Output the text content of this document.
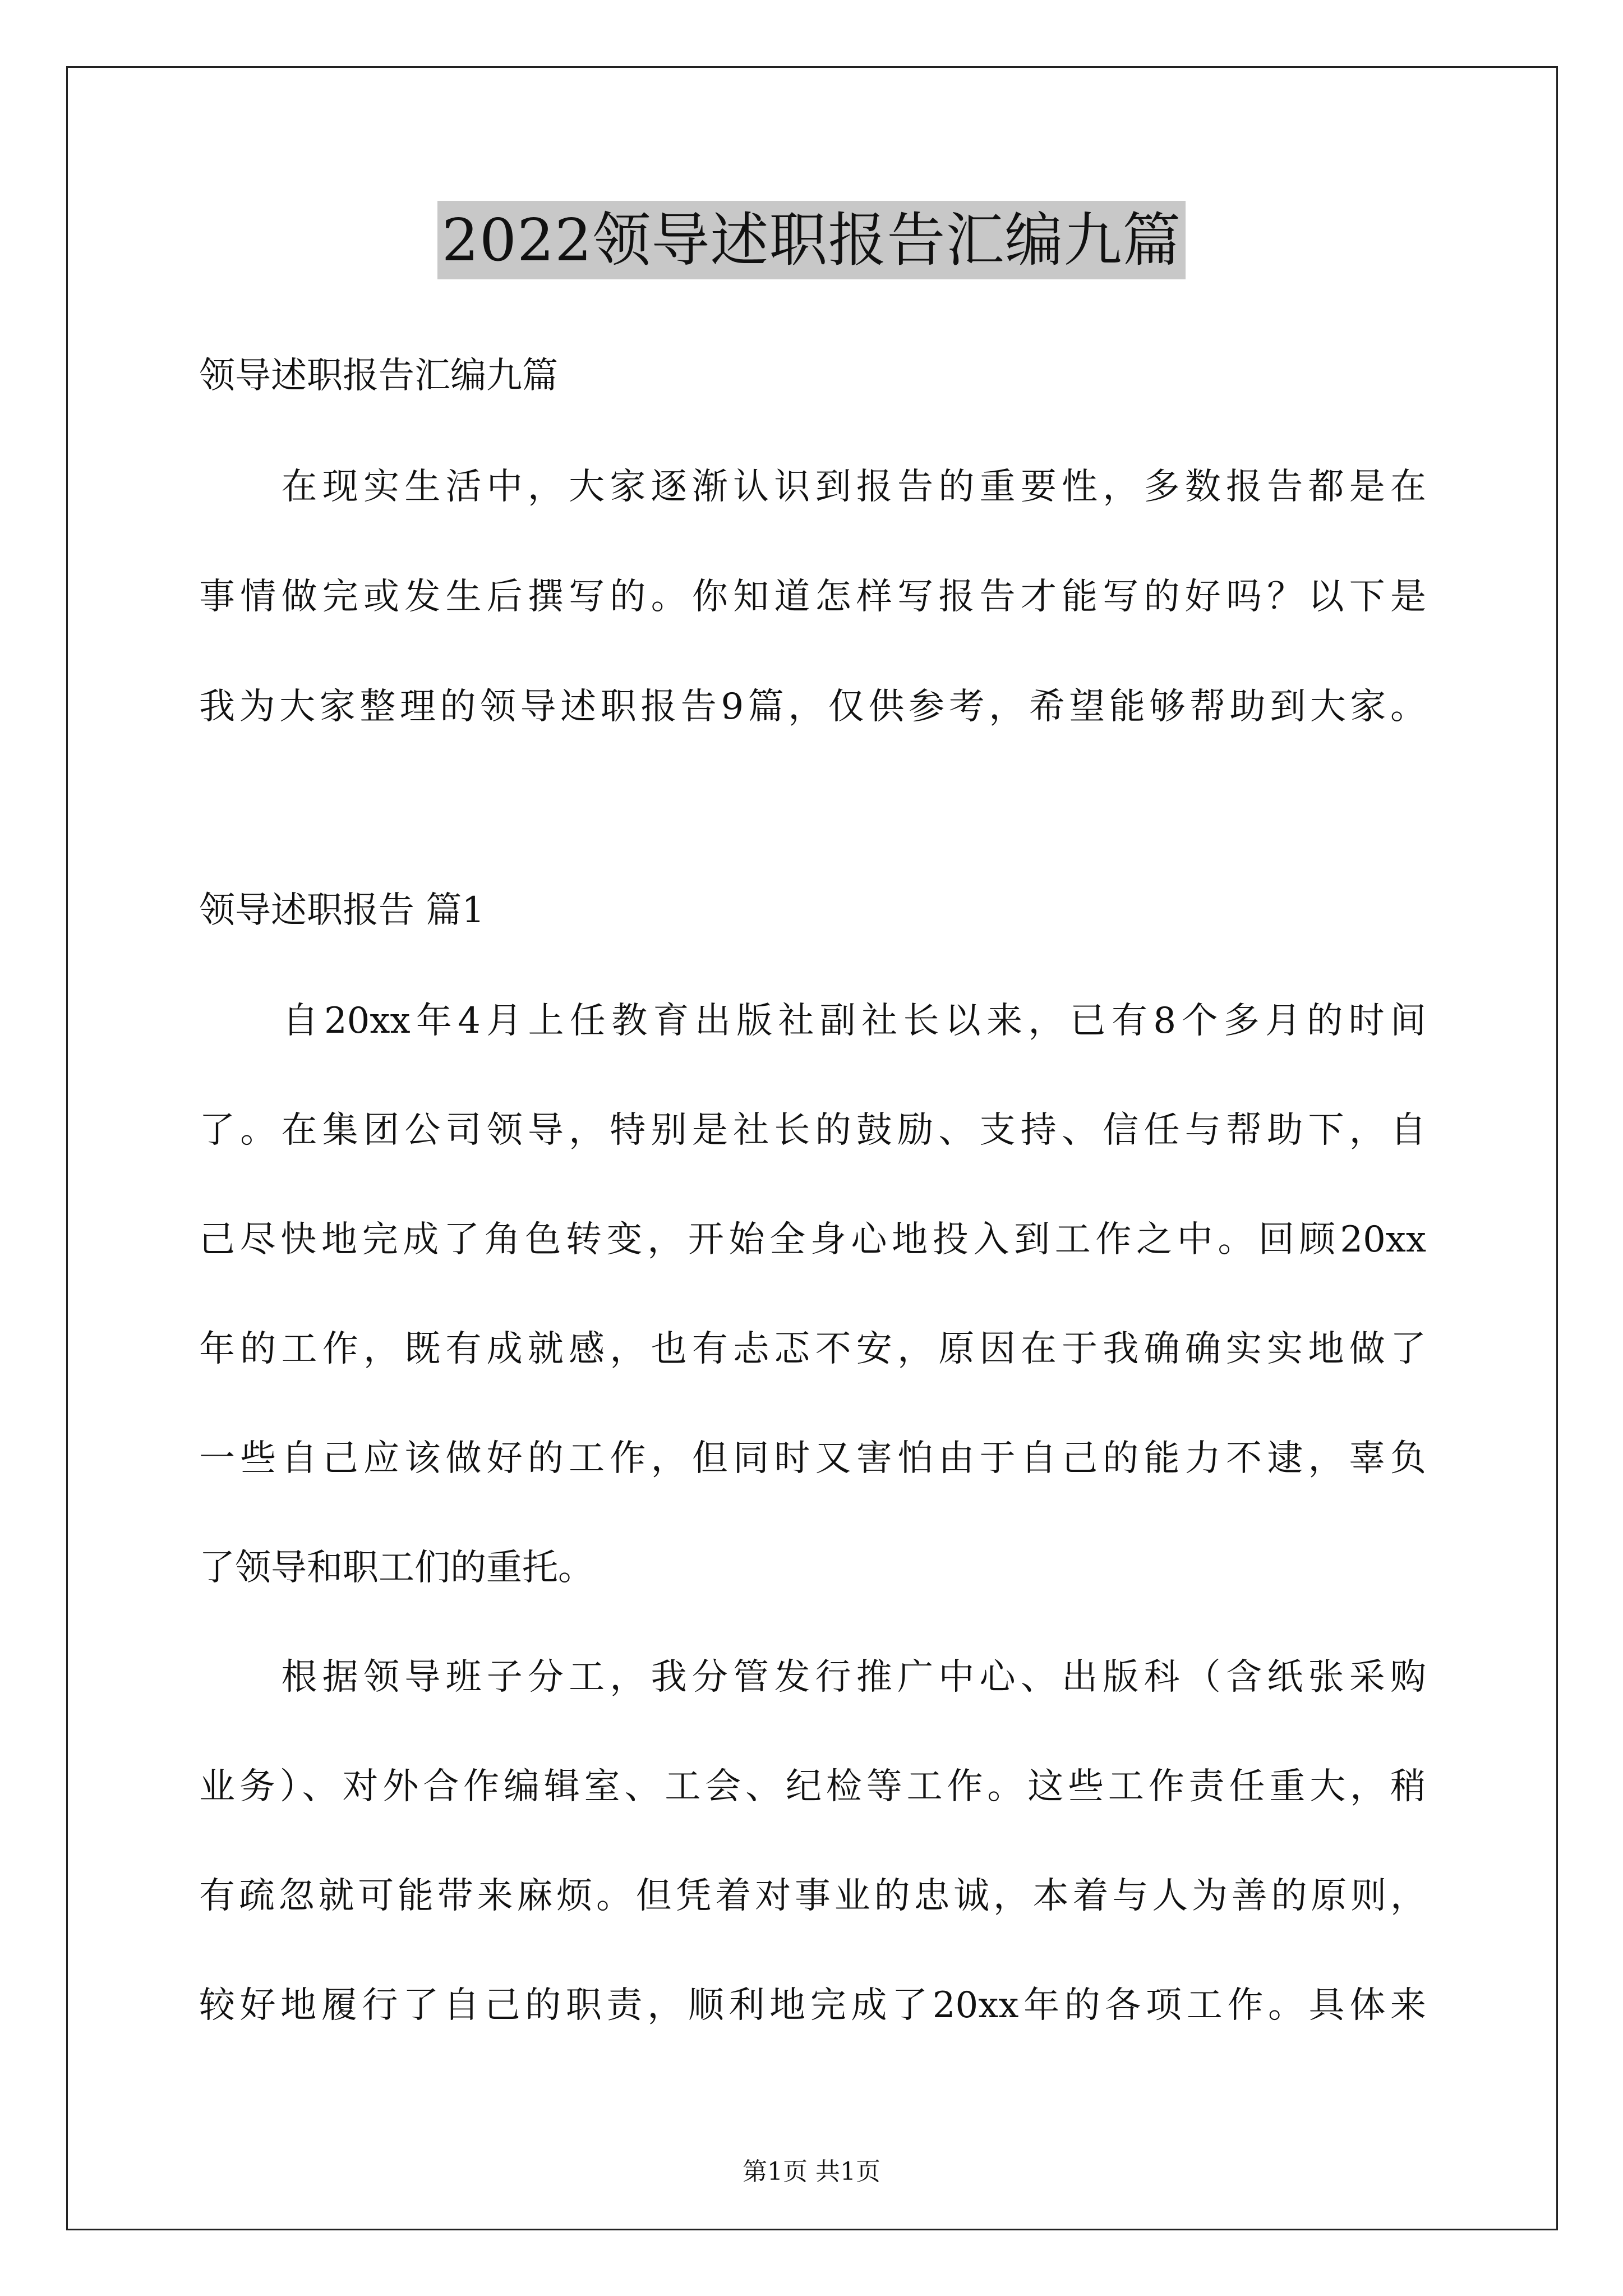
2022领导述职报告汇编九篇
领导述职报告汇编九篇
　　在现实生活中，大家逐渐认识到报告的重要性，多数报告都是在
事情做完或发生后撰写的。你知道怎样写报告才能写的好吗？以下是
我为大家整理的领导述职报告9篇，仅供参考，希望能够帮助到大家。
领导述职报告 篇1
　　自20xx年4月上任教育出版社副社长以来，已有8个多月的时间
了。在集团公司领导，特别是社长的鼓励、支持、信任与帮助下，自
己尽快地完成了角色转变，开始全身心地投入到工作之中。回顾20xx
年的工作，既有成就感，也有忐忑不安，原因在于我确确实实地做了
一些自己应该做好的工作，但同时又害怕由于自己的能力不逮，辜负
了领导和职工们的重托。
　　根据领导班子分工，我分管发行推广中心、出版科（含纸张采购
业务）、对外合作编辑室、工会、纪检等工作。这些工作责任重大，稍
有疏忽就可能带来麻烦。但凭着对事业的忠诚，本着与人为善的原则，
较好地履行了自己的职责，顺利地完成了20xx年的各项工作。具体来
第1页 共1页
